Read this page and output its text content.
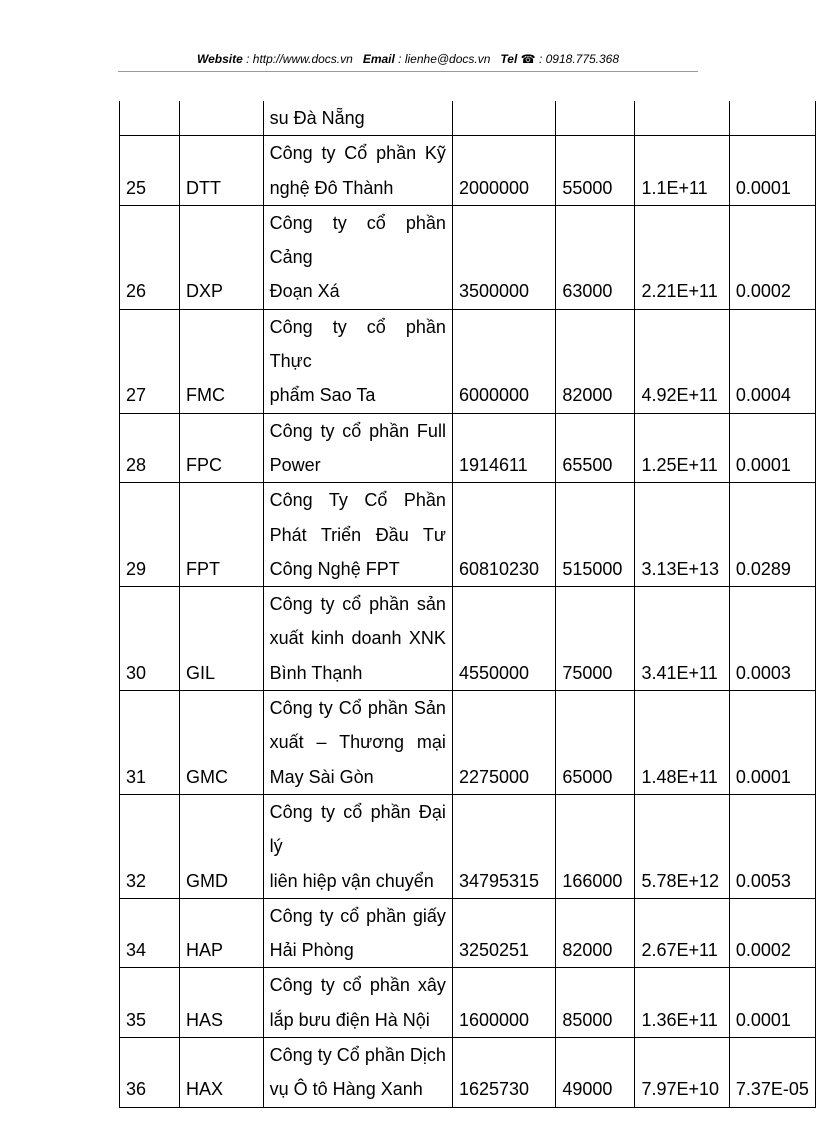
Website : http://www.docs.vn Email : lienhe@docs.vn Tel ☎ : 0918.775.368

		su Đà Nẵng				

25	DTT	Công ty Cổ phần Kỹ
nghệ Đô Thành	2000000	55000	1.1E+11	0.0001
26	DXP	Công ty cổ phần Cảng
Đoạn Xá	3500000	63000	2.21E+11	0.0002
27	FMC	Công ty cổ phần Thực
phẩm Sao Ta	6000000	82000	4.92E+11	0.0004
28	FPC	Công ty cổ phần Full
Power	1914611	65500	1.25E+11	0.0001
29	FPT	Công Ty Cổ Phần
Phát Triển Đầu Tư
Công Nghệ FPT	60810230	515000	3.13E+13	0.0289
30	GIL	Công ty cổ phần sản
xuất kinh doanh XNK
Bình Thạnh	4550000	75000	3.41E+11	0.0003
31	GMC	Công ty Cổ phần Sản
xuất – Thương mại
May Sài Gòn	2275000	65000	1.48E+11	0.0001
32	GMD	Công ty cổ phần Đại lý
liên hiệp vận chuyển	34795315	166000	5.78E+12	0.0053
34	HAP	Công ty cổ phần giấy
Hải Phòng	3250251	82000	2.67E+11	0.0002
35	HAS	Công ty cổ phần xây
lắp bưu điện Hà Nội	1600000	85000	1.36E+11	0.0001
36	HAX	Công ty Cổ phần Dịch
vụ Ô tô Hàng Xanh	1625730	49000	7.97E+10	7.37E-05
